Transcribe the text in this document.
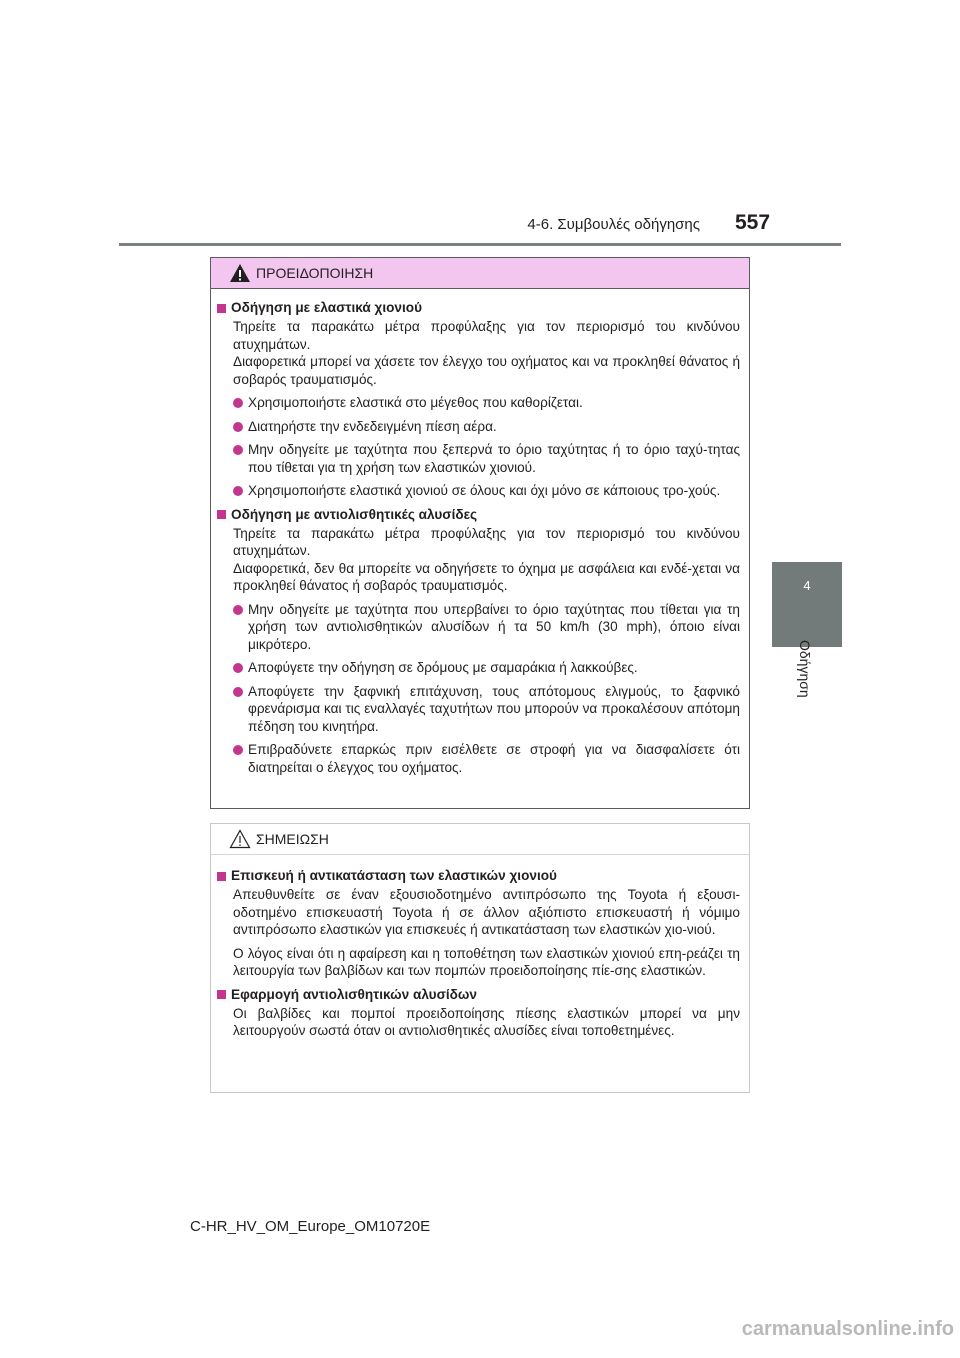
4-6. Συμβουλές οδήγησης 557
4
Οδήγηση
ΠΡΟΕΙΔΟΠΟΙΗΣΗ
Οδήγηση με ελαστικά χιονιού

Τηρείτε τα παρακάτω μέτρα προφύλαξης για τον περιορισμό του κινδύνου ατυχημάτων.

Διαφορετικά μπορεί να χάσετε τον έλεγχο του οχήματος και να προκληθεί θάνατος ή σοβαρός τραυματισμός.

Χρησιμοποιήστε ελαστικά στο μέγεθος που καθορίζεται.
Διατηρήστε την ενδεδειγμένη πίεση αέρα.
Μην οδηγείτε με ταχύτητα που ξεπερνά το όριο ταχύτητας ή το όριο ταχύ-τητας που τίθεται για τη χρήση των ελαστικών χιονιού.
Χρησιμοποιήστε ελαστικά χιονιού σε όλους και όχι μόνο σε κάποιους τρο-χούς.
Οδήγηση με αντιολισθητικές αλυσίδες

Τηρείτε τα παρακάτω μέτρα προφύλαξης για τον περιορισμό του κινδύνου ατυχημάτων.

Διαφορετικά, δεν θα μπορείτε να οδηγήσετε το όχημα με ασφάλεια και ενδέ-χεται να προκληθεί θάνατος ή σοβαρός τραυματισμός.

Μην οδηγείτε με ταχύτητα που υπερβαίνει το όριο ταχύτητας που τίθεται για τη χρήση των αντιολισθητικών αλυσίδων ή τα 50 km/h (30 mph), όποιο είναι μικρότερο.
Αποφύγετε την οδήγηση σε δρόμους με σαμαράκια ή λακκούβες.
Αποφύγετε την ξαφνική επιτάχυνση, τους απότομους ελιγμούς, το ξαφνικό φρενάρισμα και τις εναλλαγές ταχυτήτων που μπορούν να προκαλέσουν απότομη πέδηση του κινητήρα.
Επιβραδύνετε επαρκώς πριν εισέλθετε σε στροφή για να διασφαλίσετε ότι διατηρείται ο έλεγχος του οχήματος.
ΣΗΜΕΙΩΣΗ
Επισκευή ή αντικατάσταση των ελαστικών χιονιού

Απευθυνθείτε σε έναν εξουσιοδοτημένο αντιπρόσωπο της Toyota ή εξουσι-οδοτημένο επισκευαστή Toyota ή σε άλλον αξιόπιστο επισκευαστή ή νόμιμο αντιπρόσωπο ελαστικών για επισκευές ή αντικατάσταση των ελαστικών χιο-νιού.

Ο λόγος είναι ότι η αφαίρεση και η τοποθέτηση των ελαστικών χιονιού επη-ρεάζει τη λειτουργία των βαλβίδων και των πομπών προειδοποίησης πίε-σης ελαστικών.

Εφαρμογή αντιολισθητικών αλυσίδων

Οι βαλβίδες και πομποί προειδοποίησης πίεσης ελαστικών μπορεί να μην λειτουργούν σωστά όταν οι αντιολισθητικές αλυσίδες είναι τοποθετημένες.

C-HR_HV_OM_Europe_OM10720E
carmanualsonline.info
